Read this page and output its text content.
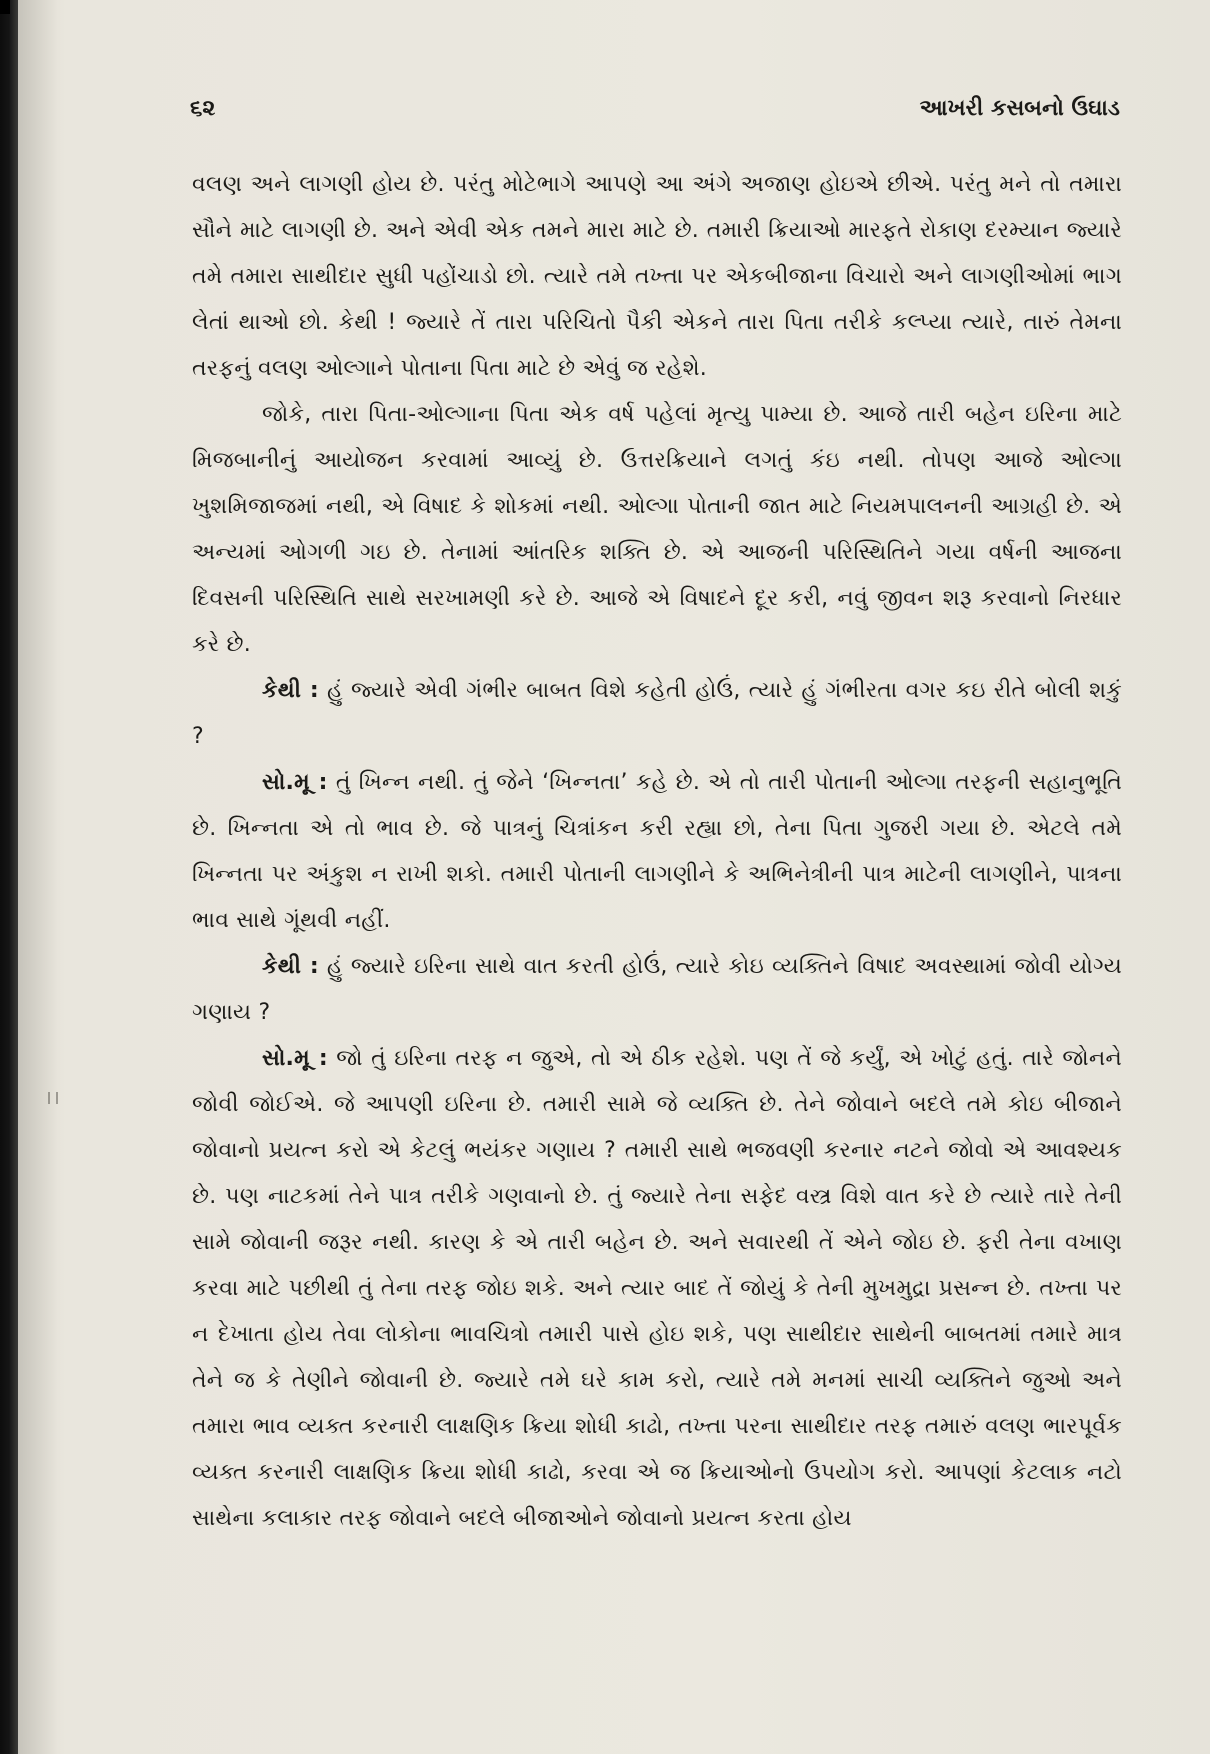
૬૨	આખરી કસબનો ઉઘાડ

વલણ અને લાગણી હોય છે. પરંતુ મોટેભાગે આપણે આ અંગે અજાણ હોઇએ છીએ. પરંતુ મને તો તમારા સૌને માટે લાગણી છે. અને એવી એક તમને મારા માટે છે. તમારી ક્રિયાઓ મારફતે રોકાણ દરમ્યાન જ્યારે તમે તમારા સાથીદાર સુધી પહોંચાડો છો. ત્યારે તમે તખ્તા પર એકબીજાના વિચારો અને લાગણીઓમાં ભાગ લેતાં થાઓ છો. કેથી ! જ્યારે તેં તારા પરિચિતો પૈકી એકને તારા પિતા તરીકે કલ્પ્યા ત્યારે, તારું તેમના તરફનું વલણ ઓલ્ગાને પોતાના પિતા માટે છે એવું જ રહેશે.

જોકે, તારા પિતા-ઓલ્ગાના પિતા એક વર્ષ પહેલાં મૃત્યુ પામ્યા છે. આજે તારી બહેન ઇરિના માટે મિજબાનીનું આયોજન કરવામાં આવ્યું છે. ઉત્તરક્રિયાને લગતું કંઇ નથી. તોપણ આજે ઓલ્ગા ખુશમિજાજમાં નથી, એ વિષાદ કે શોકમાં નથી. ઓલ્ગા પોતાની જાત માટે નિયમપાલનની આગ્રહી છે. એ અન્યમાં ઓગળી ગઇ છે. તેનામાં આંતરિક શક્તિ છે. એ આજની પરિસ્થિતિને ગયા વર્ષની આજના દિવસની પરિસ્થિતિ સાથે સરખામણી કરે છે. આજે એ વિષાદને દૂર કરી, નવું જીવન શરૂ કરવાનો નિરધાર કરે છે.

કેથી : હું જ્યારે એવી ગંભીર બાબત વિશે કહેતી હોઉં, ત્યારે હું ગંભીરતા વગર કઇ રીતે બોલી શકું ?

સો.મૂ : તું ખિન્ન નથી. તું જેને ‘ખિન્નતા’ કહે છે. એ તો તારી પોતાની ઓલ્ગા તરફની સહાનુભૂતિ છે. ખિન્નતા એ તો ભાવ છે. જે પાત્રનું ચિત્રાંકન કરી રહ્યા છો, તેના પિતા ગુજરી ગયા છે. એટલે તમે ખિન્નતા પર અંકુશ ન રાખી શકો. તમારી પોતાની લાગણીને કે અભિનેત્રીની પાત્ર માટેની લાગણીને, પાત્રના ભાવ સાથે ગૂંથવી નહીં.

કેથી : હું જ્યારે ઇરિના સાથે વાત કરતી હોઉં, ત્યારે કોઇ વ્યક્તિને વિષાદ અવસ્થામાં જોવી યોગ્ય ગણાય ?

સો.મૂ : જો તું ઇરિના તરફ ન જુએ, તો એ ઠીક રહેશે. પણ તેં જે કર્યું, એ ખોટું હતું. તારે જોનને જોવી જોઈએ. જે આપણી ઇરિના છે. તમારી સામે જે વ્યક્તિ છે. તેને જોવાને બદલે તમે કોઇ બીજાને જોવાનો પ્રયત્ન કરો એ કેટલું ભયંકર ગણાય ? તમારી સાથે ભજવણી કરનાર નટને જોવો એ આવશ્યક છે. પણ નાટકમાં તેને પાત્ર તરીકે ગણવાનો છે. તું જ્યારે તેના સફેદ વસ્ત્ર વિશે વાત કરે છે ત્યારે તારે તેની સામે જોવાની જરૂર નથી. કારણ કે એ તારી બહેન છે. અને સવારથી તેં એને જોઇ છે. ફરી તેના વખાણ કરવા માટે પછીથી તું તેના તરફ જોઇ શકે. અને ત્યાર બાદ તેં જોયું કે તેની મુખમુદ્રા પ્રસન્ન છે. તખ્તા પર ન દેખાતા હોય તેવા લોકોના ભાવચિત્રો તમારી પાસે હોઇ શકે, પણ સાથીદાર સાથેની બાબતમાં તમારે માત્ર તેને જ કે તેણીને જોવાની છે. જ્યારે તમે ઘરે કામ કરો, ત્યારે તમે મનમાં સાચી વ્યક્તિને જુઓ અને તમારા ભાવ વ્યક્ત કરનારી લાક્ષણિક ક્રિયા શોધી કાઢો, તખ્તા પરના સાથીદાર તરફ તમારું વલણ ભારપૂર્વક વ્યક્ત કરનારી લાક્ષણિક ક્રિયા શોધી કાઢો, કરવા એ જ ક્રિયાઓનો ઉપયોગ કરો. આપણાં કેટલાક નટો સાથેના કલાકાર તરફ જોવાને બદલે બીજાઓને જોવાનો પ્રયત્ન કરતા હોય
